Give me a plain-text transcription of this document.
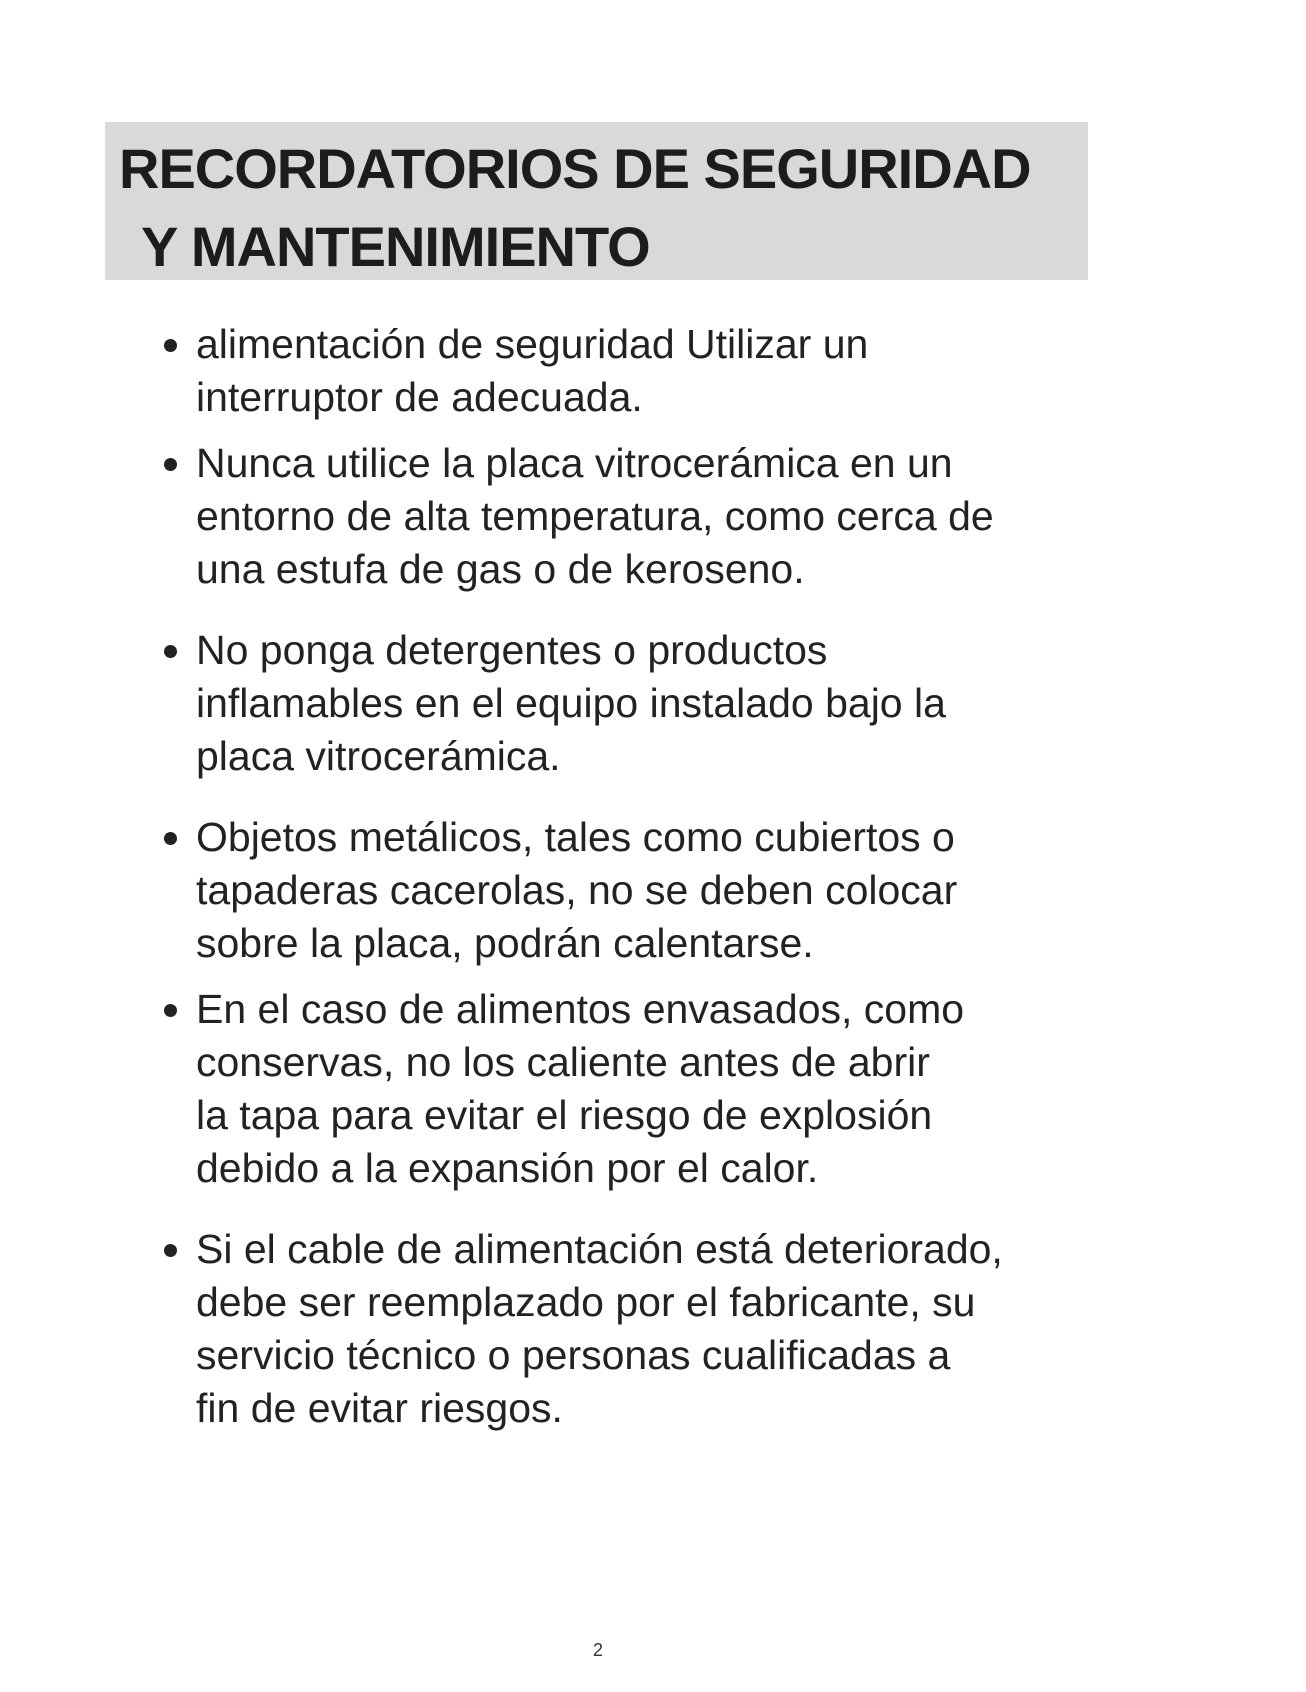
RECORDATORIOS DE SEGURIDAD
Y MANTENIMIENTO
alimentación de seguridad Utilizar un
interruptor de adecuada.
Nunca utilice la placa vitrocerámica en un
entorno de alta temperatura, como cerca de
una estufa de gas o de keroseno.
No ponga detergentes o productos
inflamables en el equipo instalado bajo la
placa vitrocerámica.
Objetos metálicos, tales como cubiertos o
tapaderas cacerolas, no se deben colocar
sobre la placa, podrán calentarse.
En el caso de alimentos envasados, como
conservas, no los caliente antes de abrir
la tapa para evitar el riesgo de explosión
debido a la expansión por el calor.
Si el cable de alimentación está deteriorado,
debe ser reemplazado por el fabricante, su
servicio técnico o personas cualificadas a
fin de evitar riesgos.
2
